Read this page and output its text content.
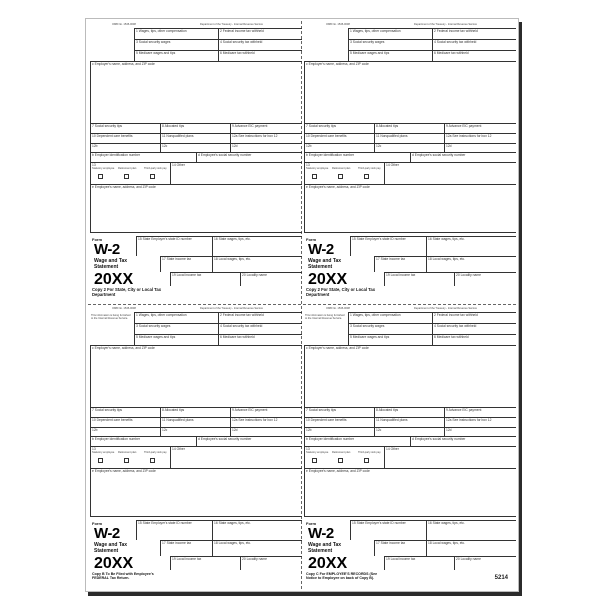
OMB No. 1545-0008	Department of the Treasury - Internal Revenue Service
1 Wages, tips, other compensation	2 Federal income tax withheld
3 Social security wages	4 Social security tax withheld
5 Medicare wages and tips	6 Medicare tax withheld
c Employer's name, address, and ZIP code
7 Social security tips	8 Allocated tips	9 Advance EIC payment
10 Dependent care benefits	11 Nonqualified plans	12a See instructions for box 12
12b	12c	12d
b Employer identification number	d Employee's social security number
13
Statutory employee Retirement plan	Third-party sick pay
14 Other
e Employee's name, address, and ZIP code
Form
W-2
Wage and Tax Statement
20XX
Copy 2 For State, City or Local Tax Department
15 State Employer's state ID number	16 State wages, tips, etc.
17 State income tax	18 Local wages, tips, etc.
19 Local income tax	20 Locality name
OMB No. 1545-0008	Department of the Treasury - Internal Revenue Service
1 Wages, tips, other compensation	2 Federal income tax withheld
3 Social security wages	4 Social security tax withheld
5 Medicare wages and tips	6 Medicare tax withheld
c Employer's name, address, and ZIP code
7 Social security tips	8 Allocated tips	9 Advance EIC payment
10 Dependent care benefits	11 Nonqualified plans	12a See instructions for box 12
12b	12c	12d
b Employer identification number	d Employee's social security number
13
Statutory employee Retirement plan	Third-party sick pay
14 Other
e Employee's name, address, and ZIP code
Form
W-2
Wage and Tax Statement
20XX
Copy 2 For State, City or Local Tax Department
15 State Employer's state ID number	16 State wages, tips, etc.
17 State income tax	18 Local wages, tips, etc.
19 Local income tax	20 Locality name
OMB No. 1545-0008	Department of the Treasury - Internal Revenue Service
This information is being furnished to the Internal Revenue Service.
1 Wages, tips, other compensation	2 Federal income tax withheld
3 Social security wages	4 Social security tax withheld
5 Medicare wages and tips	6 Medicare tax withheld
c Employer's name, address, and ZIP code
7 Social security tips	8 Allocated tips	9 Advance EIC payment
10 Dependent care benefits	11 Nonqualified plans	12a See instructions for box 12
12b	12c	12d
b Employer identification number	d Employee's social security number
13
Statutory employee Retirement plan	Third-party sick pay
14 Other
e Employee's name, address, and ZIP code
Form
W-2
Wage and Tax Statement
20XX
Copy B To Be Filed with Employee's FEDERAL Tax Return.
15 State Employer's state ID number	16 State wages, tips, etc.
17 State income tax	18 Local wages, tips, etc.
19 Local income tax	20 Locality name
OMB No. 1545-0008	Department of the Treasury - Internal Revenue Service
This information is being furnished to the Internal Revenue Service.
1 Wages, tips, other compensation	2 Federal income tax withheld
3 Social security wages	4 Social security tax withheld
5 Medicare wages and tips	6 Medicare tax withheld
c Employer's name, address, and ZIP code
7 Social security tips	8 Allocated tips	9 Advance EIC payment
10 Dependent care benefits	11 Nonqualified plans	12a See instructions for box 12
12b	12c	12d
b Employer identification number	d Employee's social security number
13
Statutory employee Retirement plan	Third-party sick pay
14 Other
e Employee's name, address, and ZIP code
Form
W-2
Wage and Tax Statement
20XX
Copy C For EMPLOYEE'S RECORDS (See Notice to Employee on back of Copy B).
15 State Employer's state ID number	16 State wages, tips, etc.
17 State income tax	18 Local wages, tips, etc.
19 Local income tax	20 Locality name
5214
